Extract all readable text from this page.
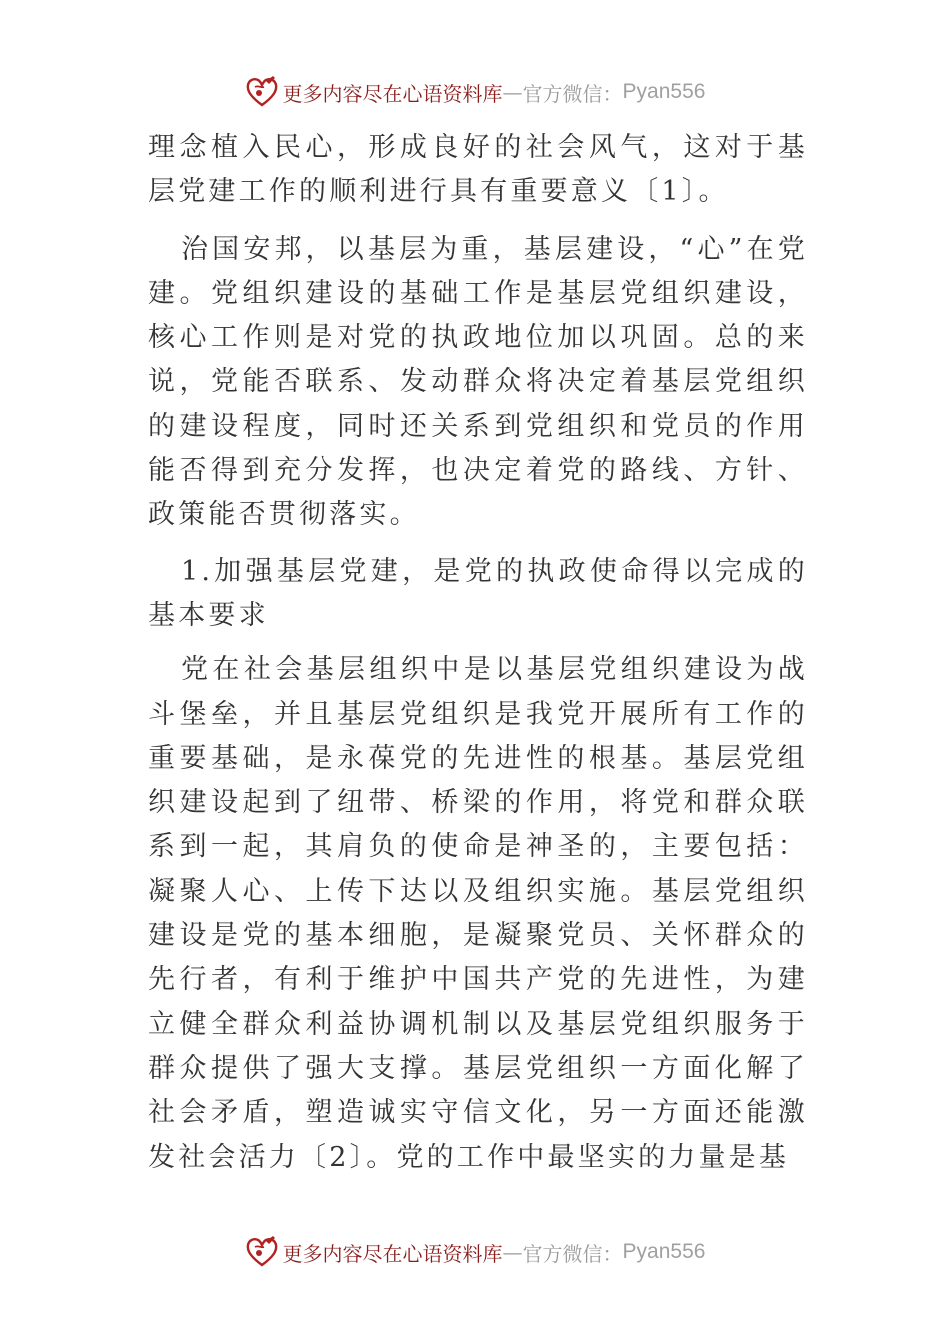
更多内容尽在心语资料库 — 官方微信： Pyan556

理念植入民心，形成良好的社会风气，这对于基层党建工作的顺利进行具有重要意义〔1〕。

治国安邦，以基层为重，基层建设，“心”在党建。党组织建设的基础工作是基层党组织建设，核心工作则是对党的执政地位加以巩固。总的来说，党能否联系、发动群众将决定着基层党组织的建设程度，同时还关系到党组织和党员的作用能否得到充分发挥，也决定着党的路线、方针、政策能否贯彻落实。

1.加强基层党建，是党的执政使命得以完成的基本要求

党在社会基层组织中是以基层党组织建设为战斗堡垒，并且基层党组织是我党开展所有工作的重要基础，是永葆党的先进性的根基。基层党组织建设起到了纽带、桥梁的作用，将党和群众联系到一起，其肩负的使命是神圣的，主要包括：凝聚人心、上传下达以及组织实施。基层党组织建设是党的基本细胞，是凝聚党员、关怀群众的先行者，有利于维护中国共产党的先进性，为建立健全群众利益协调机制以及基层党组织服务于群众提供了强大支撑。基层党组织一方面化解了社会矛盾，塑造诚实守信文化，另一方面还能激发社会活力〔2〕。党的工作中最坚实的力量是基

更多内容尽在心语资料库 — 官方微信： Pyan556
